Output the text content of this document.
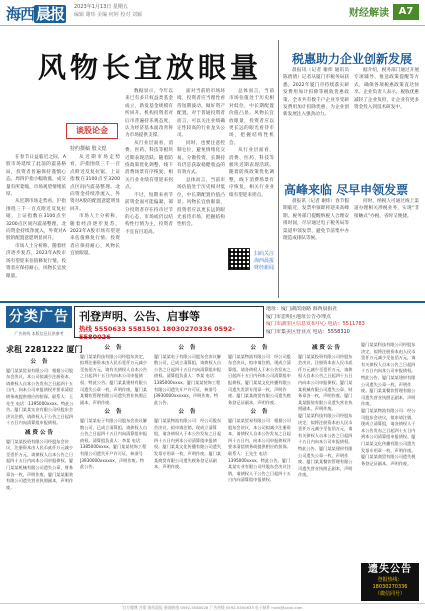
海西 晨报	2023年1月13日 星期五
编辑 谢炜 美编 何婷 校对 刘颖	财经解读 A7
风物长宜放眼量
谈股论金
特约撰稿 殷文煌

在春节日益临近之际，A股市场延续了此前的震荡格局，投资者普遍保持谨慎心态。周四沪指小幅收涨，成交量有所萎缩，市场观望情绪浓厚。

从近期市场走势看，沪指围绕三千一百点附近反复拉锯，上证指数在3100点至3200点区间内震荡整理。北向资金持续净流入，外资对A股的配置意愿明显回升。

市场人士分析称，随着经济逐步复苏，2023年A股市场有望迎来估值修复行情。投资者应保持耐心，风物长宜放眼量。

从近期市场走势看，沪指围绕三千一百点附近反复拉锯，上证指数在3100点至3200点区间内震荡整理。北向资金持续净流入，外资对A股的配置意愿明显回升。

市场人士分析称，随着经济逐步复苏，2023年A股市场有望迎来估值修复行情。投资者应保持耐心，风物长宜放眼量。

数据显示，今年以来已有多只权益类基金成立，新发基金规模有所回升。机构投资者对后市普遍持乐观态度，认为经济基本面改善将为市场提供支撑。

从行业层面看，消费、医药、科技等板块近期表现活跃。随着防疫政策优化调整，线下消费场景有序恢复，相关行业业绩有望迎来拐点。

不过，短期来看节前资金面可能偏紧，部分投资者存在持币过节的心态，市场或仍以结构性行情为主，投资者不宜盲目追高。

面对当前的市场环境，投资者应当理性看待短期波动，做好资产配置。对于普通投资者而言，可以关注业绩确定性较高的行业龙头公司。

同时，也要注意控制仓位，避免情绪化交易。分散投资、长期持有仍是获取稳健收益的有效方式。

总体而言，当前市场估值处于历史相对低位，中长期配置价值凸显。风物长宜放眼量，投资者应以更长远的眼光看待市场，把握结构性机会。

总体而言，当前市场估值处于历史相对低位，中长期配置价值凸显。风物长宜放眼量，投资者应以更长远的眼光看待市场，把握结构性机会。

从行业层面看，消费、医药、科技等板块近期表现活跃。随着防疫政策优化调整，线下消费场景有序恢复，相关行业业绩有望迎来拐点。

扫码关注
海西晨报
财经新闻
税惠助力企业创新发展

晨报讯（记者 谢炜 通讯员 陈倩倩）记者从厦门市税务局获悉，2022年厦门市持续落实研发费用加计扣除等税收优惠政策，全市共有数千户企业享受研发费用加计扣除优惠，为企业创新发展注入强劲动力。

据介绍，税务部门通过开展专项辅导、推送政策提醒等方式，确保各项税惠政策直达快享。企业负责人表示，税收优惠减轻了企业负担，让企业有更多资金投入到技术研发中。

高峰来临 尽早申领发票

晨报讯（记者 谢炜）春节假期临近，发票申领即将迎来高峰期。税务部门提醒纳税人合理安排时间，尽早通过电子税务局等渠道申领发票，避免节前集中办理造成排队等候。

同时，纳税人可通过线上渠道办理相关涉税业务，实现“非接触式”办税，省时又便捷。

分类广告
广告热线 本版信息仅供参考
刊登声明、公告、启事等
热线 5550633 5581501 18030270336 0592-5580026
地址：厦门湖滨南路 海西晨报社
厦门市思明区地址公告办理点
厦门市湖里区信息发布中心 电话：5511783
厦门市集美区营业点 电话：5558310
求租 2281222 厦门
公 告
厦门某某贸易有限公司：根据公司股东会决议，本公司拟减少注册资本，请债权人自本公告发布之日起四十五日内，向本公司申报债权并要求清偿债务或提供相应的担保。联系人：王先生 电话：1395000xxxx。特此公告。厦门某某实业有限公司经股东会决议注销，请债权人于公告之日起四十五日内向清算组申报债权。
减资公告
厦门某某投资有限公司经股东会决议，注册资本由人民币贰仟万元减少至壹仟万元，请债权人自本公告之日起四十五日内向本公司申报债权。厦门某某机械有限公司遗失公章、财务章各一枚，声明作废。厦门某某服装有限公司遗失营业执照副本，声明作废。
公 告
厦门某某科技有限公司经股东决定，拟将注册资本由人民币壹仟万元减少至伍佰万元，请有关债权人自本公告之日起四十五日内向本公司申报债权。特此公告。厦门某某建材有限公司遗失公章一枚，声明作废。厦门某某餐饮管理有限公司遗失营业执照正副本，声明作废。
公 告
厦门某某电子有限公司股东会决议解散公司，已成立清算组，请债权人自公告之日起四十五日内向清算组申报债权。清算组负责人：李某 电话：1385000xxxx。厦门某某装饰工程有限公司遗失开户许可证，核准号J3930000xxxxxx，声明作废。特此公告。
公 告
厦门某某电子有限公司股东会决议解散公司，已成立清算组，请债权人自公告之日起四十五日内向清算组申报债权。清算组负责人：李某 电话：1385000xxxx。厦门某某装饰工程有限公司遗失开户许可证，核准号J3930000xxxxxx，声明作废。特此公告。
公 告
厦门某某物流有限公司：经公司股东会决议，拟申请注销，现成立清算组，请各债权人于本公告发布之日起四十五日内到本公司清算组申报债权。厦门某某文化传播有限公司遗失发票专用章一枚，声明作废。厦门某某商贸有限公司遗失税务登记证副本，声明作废。
公 告
厦门某某物流有限公司：经公司股东会决议，拟申请注销，现成立清算组，请各债权人于本公告发布之日起四十五日内到本公司清算组申报债权。厦门某某文化传播有限公司遗失发票专用章一枚，声明作废。厦门某某商贸有限公司遗失税务登记证副本，声明作废。
公 告
厦门某某贸易有限公司：根据公司股东会决议，本公司拟减少注册资本，请债权人自本公告发布之日起四十五日内，向本公司申报债权并要求清偿债务或提供相应的担保。联系人：王先生 电话：1395000xxxx。特此公告。厦门某某实业有限公司经股东会决议注销，请债权人于公告之日起四十五日内向清算组申报债权。
减资公告
厦门某某投资有限公司经股东会决议，注册资本由人民币贰仟万元减少至壹仟万元，请债权人自本公告之日起四十五日内向本公司申报债权。厦门某某机械有限公司遗失公章、财务章各一枚，声明作废。厦门某某服装有限公司遗失营业执照副本，声明作废。
厦门某某科技有限公司经股东决定，拟将注册资本由人民币壹仟万元减少至伍佰万元，请有关债权人自本公告之日起四十五日内向本公司申报债权。特此公告。厦门某某建材有限公司遗失公章一枚，声明作废。厦门某某餐饮管理有限公司遗失营业执照正副本，声明作废。
厦门某某科技有限公司经股东决定，拟将注册资本由人民币壹仟万元减少至伍佰万元，请有关债权人自本公告之日起四十五日内向本公司申报债权。特此公告。厦门某某建材有限公司遗失公章一枚，声明作废。厦门某某餐饮管理有限公司遗失营业执照正副本，声明作废。
厦门某某物流有限公司：经公司股东会决议，拟申请注销，现成立清算组，请各债权人于本公告发布之日起四十五日内到本公司清算组申报债权。厦门某某文化传播有限公司遗失发票专用章一枚，声明作废。厦门某某商贸有限公司遗失税务登记证副本，声明作废。
遗失公告
登报热线：18030270336
（微信同号）
官方微博 谷歌 海西晨报 新闻热线 0592-5580026 广告热线 0592-5550633 电子邮件 hxcb@xxxx.com
